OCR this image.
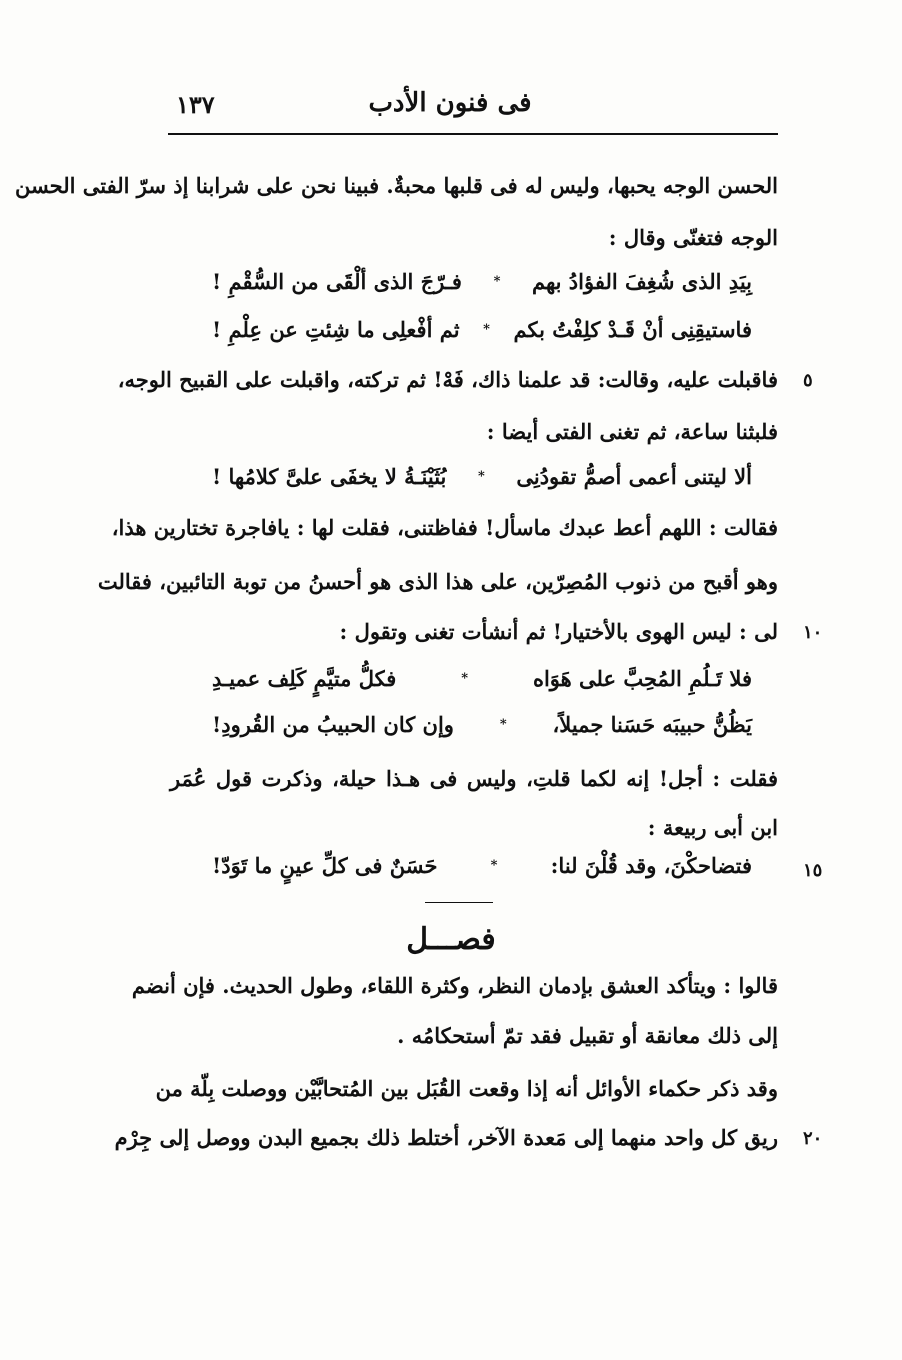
١٣٧	فى فنون الأدب
الحسن الوجه يحبها، وليس له فى قلبها محبةٌ. فبينا نحن على شرابنا إذ سرّ الفتى الحسن
الوجه فتغنّى وقال :
بِيَدِ الذى شُغِفَ الفؤادُ بهم
*
فـرّجَ الذى ألْقَى من السُّقْمِ !
فاستيقِنِى أنْ قَـدْ كلِفْتُ بكم
*
ثم أفْعلِى ما شِئتِ عن عِلْمِ !
فاقبلت عليه، وقالت: قد علمنا ذاك، فَهْ! ثم تركته، واقبلت على القبيح الوجه، ٥
فلبثنا ساعة، ثم تغنى الفتى أيضا :
ألا ليتنى أعمى أصمُّ تقودُنِى
*
بُثَيْنَـةُ لا يخفَى علىَّ كلامُها !
فقالت : اللهم أعط عبدك ماسأل! ففاظتنى، فقلت لها : يافاجرة تختارين هذا،
وهو أقبح من ذنوب المُصِرّين، على هذا الذى هو أحسنُ من توبة التائبين، فقالت
لى : ليس الهوى بالأختيار! ثم أنشأت تغنى وتقول : ١٠
فلا تَـلُمِ المُحِبَّ على هَوَاه
*
فكلُّ متيَّمٍ كَلِف عميـدِ
يَظُنُّ حبيبَه حَسَنا جميلاً،
*
وإن كان الحبيبُ من القُرودِ!
فقلت : أجل! إنه لكما قلتِ، وليس فى هـذا حيلة، وذكرت قول عُمَر
ابن أبى ربيعة :
فتضاحكْنَ، وقد قُلْنَ لنا:
*
حَسَنٌ فى كلِّ عينٍ ما تَوَدّ!	١٥
فصـــل
قالوا : ويتأكد العشق بإدمان النظر، وكثرة اللقاء، وطول الحديث. فإن أنضم
إلى ذلك معانقة أو تقبيل فقد تمّ أستحكامُه .
وقد ذكر حكماء الأوائل أنه إذا وقعت القُبَل بين المُتحابَّيْن ووصلت بِلّة من
ريق كل واحد منهما إلى مَعدة الآخر، أختلط ذلك بجميع البدن ووصل إلى جِرْم ٢٠
